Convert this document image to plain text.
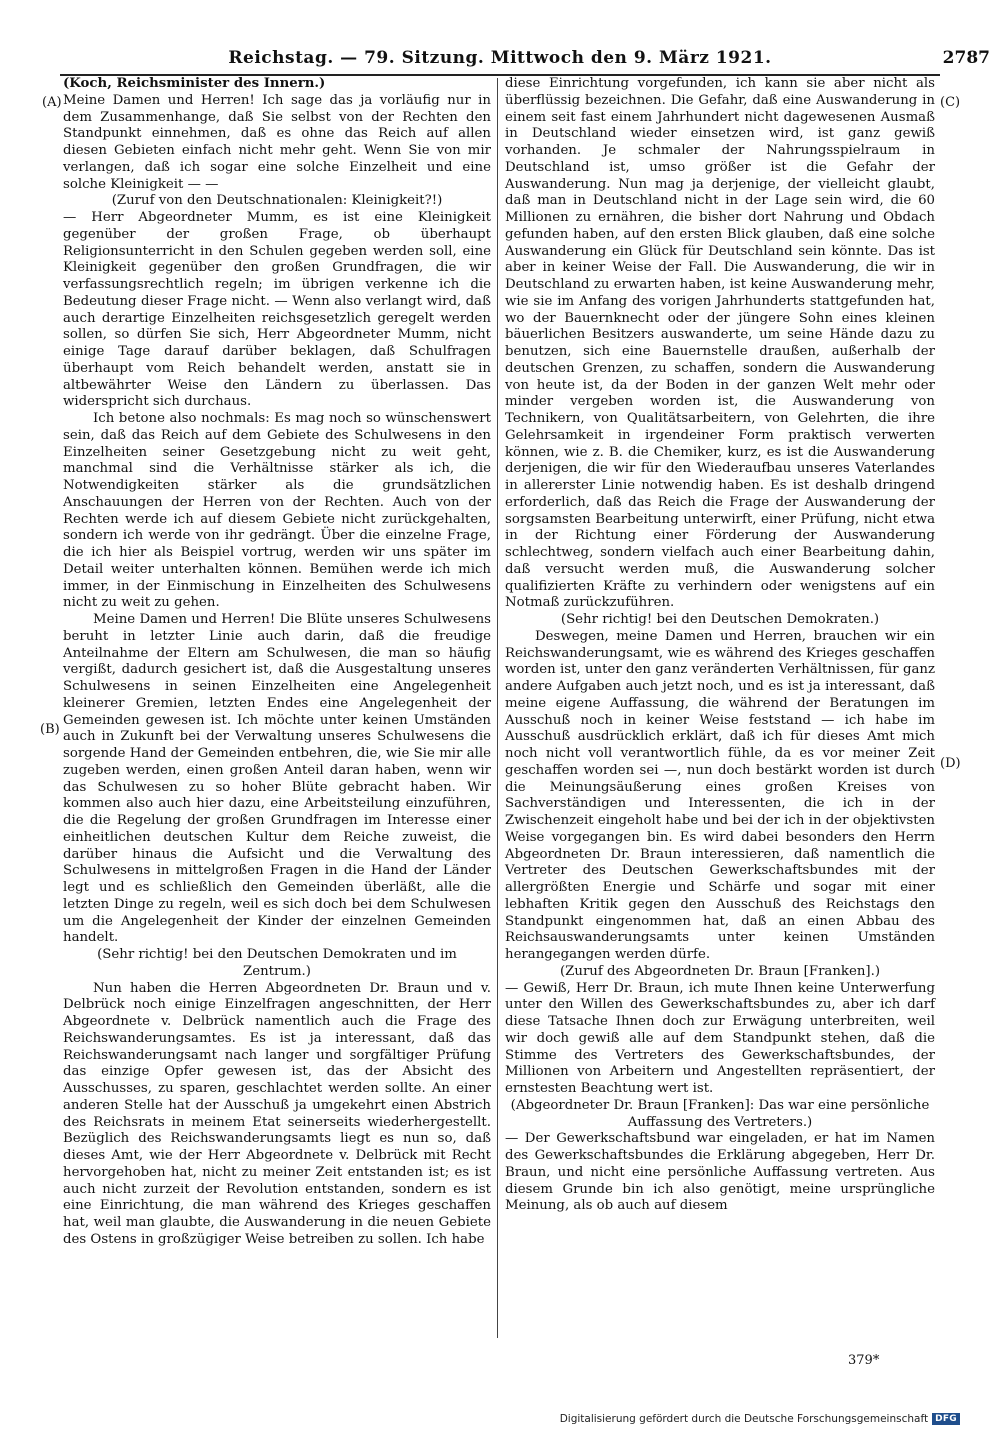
Reichstag. — 79. Sitzung. Mittwoch den 9. März 1921.	2787
(A)
(B)
(C)
(D)

(Koch, Reichsminister des Innern.)

Meine Damen und Herren! Ich sage das ja vorläufig nur in dem Zusammenhange, daß Sie selbst von der Rechten den Standpunkt einnehmen, daß es ohne das Reich auf allen diesen Gebieten einfach nicht mehr geht. Wenn Sie von mir verlangen, daß ich sogar eine solche Einzelheit und eine solche Kleinigkeit — —

(Zuruf von den Deutschnationalen: Kleinigkeit?!)

— Herr Abgeordneter Mumm, es ist eine Kleinigkeit gegenüber der großen Frage, ob überhaupt Religionsunterricht in den Schulen gegeben werden soll, eine Kleinigkeit gegenüber den großen Grundfragen, die wir verfassungsrechtlich regeln; im übrigen verkenne ich die Bedeutung dieser Frage nicht. — Wenn also verlangt wird, daß auch derartige Einzelheiten reichsgesetzlich geregelt werden sollen, so dürfen Sie sich, Herr Abgeordneter Mumm, nicht einige Tage darauf darüber beklagen, daß Schulfragen überhaupt vom Reich behandelt werden, anstatt sie in altbewährter Weise den Ländern zu überlassen. Das widerspricht sich durchaus.

Ich betone also nochmals: Es mag noch so wünschenswert sein, daß das Reich auf dem Gebiete des Schulwesens in den Einzelheiten seiner Gesetzgebung nicht zu weit geht, manchmal sind die Verhältnisse stärker als ich, die Notwendigkeiten stärker als die grundsätzlichen Anschauungen der Herren von der Rechten. Auch von der Rechten werde ich auf diesem Gebiete nicht zurückgehalten, sondern ich werde von ihr gedrängt. Über die einzelne Frage, die ich hier als Beispiel vortrug, werden wir uns später im Detail weiter unterhalten können. Bemühen werde ich mich immer, in der Einmischung in Einzelheiten des Schulwesens nicht zu weit zu gehen.

Meine Damen und Herren! Die Blüte unseres Schulwesens beruht in letzter Linie auch darin, daß die freudige Anteilnahme der Eltern am Schulwesen, die man so häufig vergißt, dadurch gesichert ist, daß die Ausgestaltung unseres Schulwesens in seinen Einzelheiten eine Angelegenheit kleinerer Gremien, letzten Endes eine Angelegenheit der Gemeinden gewesen ist. Ich möchte unter keinen Umständen auch in Zukunft bei der Verwaltung unseres Schulwesens die sorgende Hand der Gemeinden entbehren, die, wie Sie mir alle zugeben werden, einen großen Anteil daran haben, wenn wir das Schulwesen zu so hoher Blüte gebracht haben. Wir kommen also auch hier dazu, eine Arbeitsteilung einzuführen, die die Regelung der großen Grundfragen im Interesse einer einheitlichen deutschen Kultur dem Reiche zuweist, die darüber hinaus die Aufsicht und die Verwaltung des Schulwesens in mittelgroßen Fragen in die Hand der Länder legt und es schließlich den Gemeinden überläßt, alle die letzten Dinge zu regeln, weil es sich doch bei dem Schulwesen um die Angelegenheit der Kinder der einzelnen Gemeinden handelt.

(Sehr richtig! bei den Deutschen Demokraten und im Zentrum.)

Nun haben die Herren Abgeordneten Dr. Braun und v. Delbrück noch einige Einzelfragen angeschnitten, der Herr Abgeordnete v. Delbrück namentlich auch die Frage des Reichswanderungsamtes. Es ist ja interessant, daß das Reichswanderungsamt nach langer und sorgfältiger Prüfung das einzige Opfer gewesen ist, das der Absicht des Ausschusses, zu sparen, geschlachtet werden sollte. An einer anderen Stelle hat der Ausschuß ja umgekehrt einen Abstrich des Reichsrats in meinem Etat seinerseits wiederhergestellt. Bezüglich des Reichswanderungsamts liegt es nun so, daß dieses Amt, wie der Herr Abgeordnete v. Delbrück mit Recht hervorgehoben hat, nicht zu meiner Zeit entstanden ist; es ist auch nicht zurzeit der Revolution entstanden, sondern es ist eine Einrichtung, die man während des Krieges geschaffen hat, weil man glaubte, die Auswanderung in die neuen Gebiete des Ostens in großzügiger Weise betreiben zu sollen. Ich habe

diese Einrichtung vorgefunden, ich kann sie aber nicht als überflüssig bezeichnen. Die Gefahr, daß eine Auswanderung in einem seit fast einem Jahrhundert nicht dagewesenen Ausmaß in Deutschland wieder einsetzen wird, ist ganz gewiß vorhanden. Je schmaler der Nahrungsspielraum in Deutschland ist, umso größer ist die Gefahr der Auswanderung. Nun mag ja derjenige, der vielleicht glaubt, daß man in Deutschland nicht in der Lage sein wird, die 60 Millionen zu ernähren, die bisher dort Nahrung und Obdach gefunden haben, auf den ersten Blick glauben, daß eine solche Auswanderung ein Glück für Deutschland sein könnte. Das ist aber in keiner Weise der Fall. Die Auswanderung, die wir in Deutschland zu erwarten haben, ist keine Auswanderung mehr, wie sie im Anfang des vorigen Jahrhunderts stattgefunden hat, wo der Bauernknecht oder der jüngere Sohn eines kleinen bäuerlichen Besitzers auswanderte, um seine Hände dazu zu benutzen, sich eine Bauernstelle draußen, außerhalb der deutschen Grenzen, zu schaffen, sondern die Auswanderung von heute ist, da der Boden in der ganzen Welt mehr oder minder vergeben worden ist, die Auswanderung von Technikern, von Qualitätsarbeitern, von Gelehrten, die ihre Gelehrsamkeit in irgendeiner Form praktisch verwerten können, wie z. B. die Chemiker, kurz, es ist die Auswanderung derjenigen, die wir für den Wiederaufbau unseres Vaterlandes in allererster Linie notwendig haben. Es ist deshalb dringend erforderlich, daß das Reich die Frage der Auswanderung der sorgsamsten Bearbeitung unterwirft, einer Prüfung, nicht etwa in der Richtung einer Förderung der Auswanderung schlechtweg, sondern vielfach auch einer Bearbeitung dahin, daß versucht werden muß, die Auswanderung solcher qualifizierten Kräfte zu verhindern oder wenigstens auf ein Notmaß zurückzuführen.

(Sehr richtig! bei den Deutschen Demokraten.)

Deswegen, meine Damen und Herren, brauchen wir ein Reichswanderungsamt, wie es während des Krieges geschaffen worden ist, unter den ganz veränderten Verhältnissen, für ganz andere Aufgaben auch jetzt noch, und es ist ja interessant, daß meine eigene Auffassung, die während der Beratungen im Ausschuß noch in keiner Weise feststand — ich habe im Ausschuß ausdrücklich erklärt, daß ich für dieses Amt mich noch nicht voll verantwortlich fühle, da es vor meiner Zeit geschaffen worden sei —, nun doch bestärkt worden ist durch die Meinungsäußerung eines großen Kreises von Sachverständigen und Interessenten, die ich in der Zwischenzeit eingeholt habe und bei der ich in der objektivsten Weise vorgegangen bin. Es wird dabei besonders den Herrn Abgeordneten Dr. Braun interessieren, daß namentlich die Vertreter des Deutschen Gewerkschaftsbundes mit der allergrößten Energie und Schärfe und sogar mit einer lebhaften Kritik gegen den Ausschuß des Reichstags den Standpunkt eingenommen hat, daß an einen Abbau des Reichsauswanderungsamts unter keinen Umständen herangegangen werden dürfe.

(Zuruf des Abgeordneten Dr. Braun [Franken].)

— Gewiß, Herr Dr. Braun, ich mute Ihnen keine Unterwerfung unter den Willen des Gewerkschaftsbundes zu, aber ich darf diese Tatsache Ihnen doch zur Erwägung unterbreiten, weil wir doch gewiß alle auf dem Standpunkt stehen, daß die Stimme des Vertreters des Gewerkschaftsbundes, der Millionen von Arbeitern und Angestellten repräsentiert, der ernstesten Beachtung wert ist.

(Abgeordneter Dr. Braun [Franken]: Das war eine persönliche Auffassung des Vertreters.)

— Der Gewerkschaftsbund war eingeladen, er hat im Namen des Gewerkschaftsbundes die Erklärung abgegeben, Herr Dr. Braun, und nicht eine persönliche Auffassung vertreten. Aus diesem Grunde bin ich also genötigt, meine ursprüngliche Meinung, als ob auch auf diesem

379*
Digitalisierung gefördert durch die Deutsche Forschungsgemeinschaft DFG
